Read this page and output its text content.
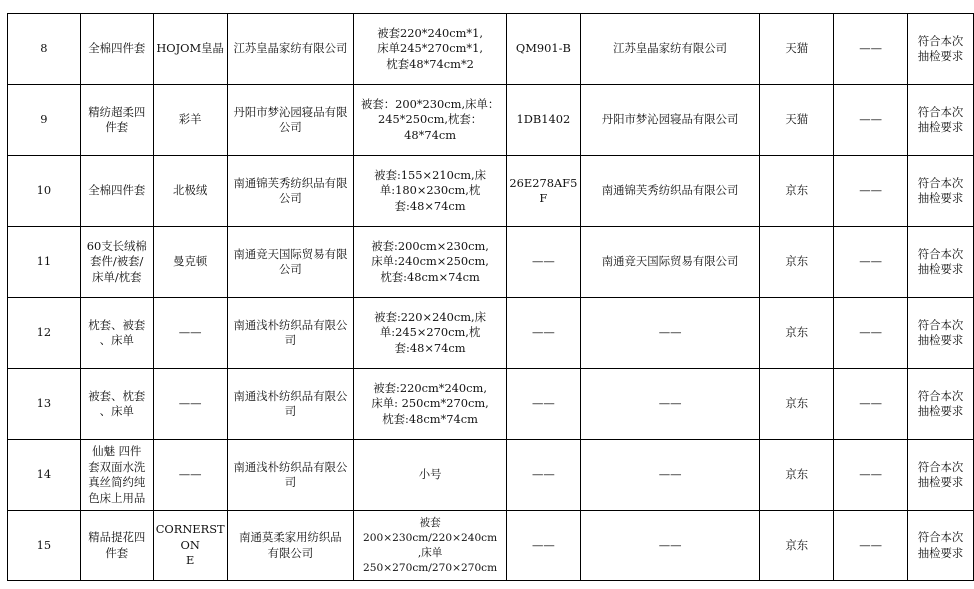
8	全棉四件套	HOJOM皇晶	江苏皇晶家纺有限公司	被套220*240cm*1,
床单245*270cm*1,
枕套48*74cm*2	QM901-B	江苏皇晶家纺有限公司	天猫	——	符合本次
抽检要求
9	精纺超柔四件套	彩羊	丹阳市梦沁园寝品有限公司	被套：200*230cm,床单：
245*250cm,枕套：
48*74cm	1DB1402	丹阳市梦沁园寝品有限公司	天猫	——	符合本次
抽检要求
10	全棉四件套	北极绒	南通锦芙秀纺织品有限公司	被套:155×210cm,床
单:180×230cm,枕
套:48×74cm	26E278AF5F	南通锦芙秀纺织品有限公司	京东	——	符合本次
抽检要求
11	60支长绒棉
套件/被套/
床单/枕套	曼克顿	南通竞天国际贸易有限公司	被套:200cm×230cm,
床单:240cm×250cm,
枕套:48cm×74cm	——	南通竞天国际贸易有限公司	京东	——	符合本次
抽检要求
12	枕套、被套
、床单	——	南通浅朴纺织品有限公司	被套:220×240cm,床
单:245×270cm,枕
套:48×74cm	——	——	京东	——	符合本次
抽检要求
13	被套、枕套
、床单	——	南通浅朴纺织品有限公司	被套:220cm*240cm,
床单: 250cm*270cm,
枕套:48cm*74cm	——	——	京东	——	符合本次
抽检要求
14	仙魅 四件
套双面水洗
真丝简约纯
色床上用品	——	南通浅朴纺织品有限公司	小号	——	——	京东	——	符合本次
抽检要求
15	精品提花四
件套	CORNERSTON
E	南通莫柔家用纺织品
有限公司	被套
200×230cm/220×240cm
,床单
250×270cm/270×270cm	——	——	京东	——	符合本次
抽检要求
